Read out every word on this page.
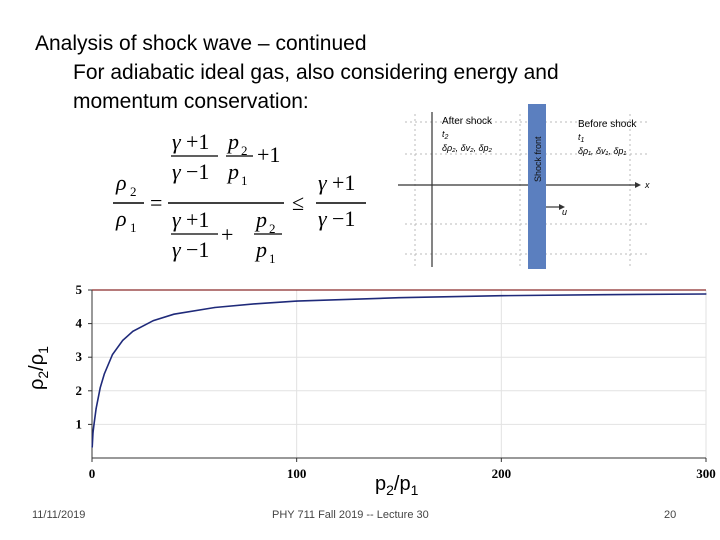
Analysis of shock wave – continued
For adiabatic ideal gas, also considering energy and
momentum conservation:
ρ 2
ρ 1
=
γ +1
γ −1
p 2
p 1
+1
γ +1
γ −1
+
p 2
p 1
≤
γ +1
γ −1
x
Shock front
u
After shock
$t_2$
δρ₂, δv₂, δp₂
Before shock
$t_1$
δρ₁, δv₁, δp₁
1
2
3
4
5
0	100	200	300
$\rho_2/\rho_1$
$p_2/p_1$
11/11/2019	PHY 711 Fall 2019 -- Lecture 30	20
